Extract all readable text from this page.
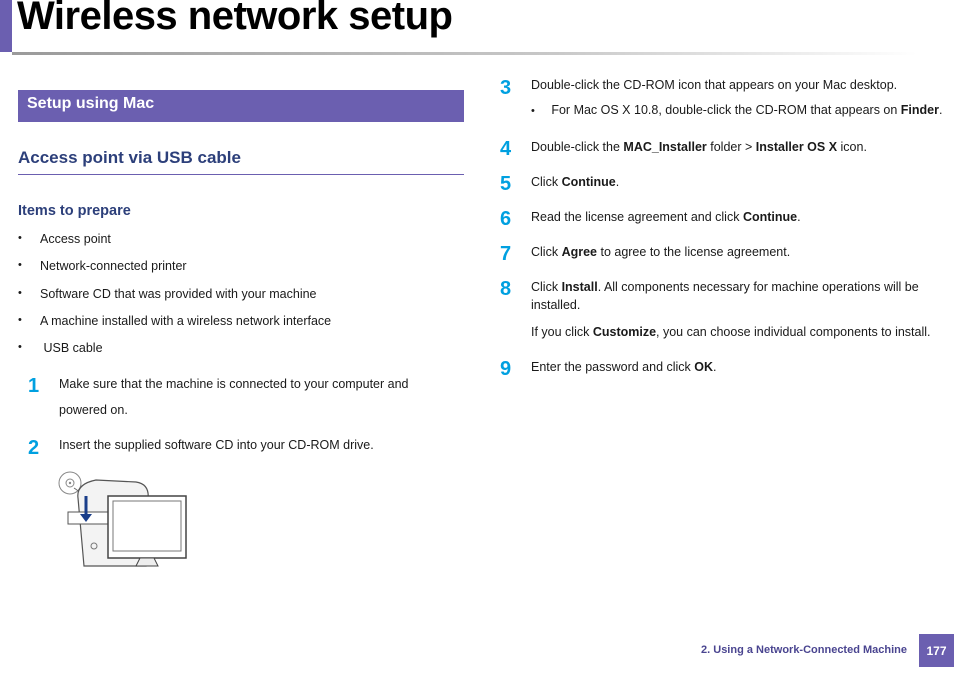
Wireless network setup
Setup using Mac
Access point via USB cable
Items to prepare
• Access point
• Network-connected printer
• Software CD that was provided with your machine
• A machine installed with a wireless network interface
• USB cable
1 Make sure that the machine is connected to your computer and
powered on.
2 Insert the supplied software CD into your CD-ROM drive.
3 Double-click the CD-ROM icon that appears on your Mac desktop.
• For Mac OS X 10.8, double-click the CD-ROM that appears on Finder.
4 Double-click the MAC_Installer folder > Installer OS X icon.
5 Click Continue.
6 Read the license agreement and click Continue.
7 Click Agree to agree to the license agreement.
8 Click Install. All components necessary for machine operations will be
installed.
If you click Customize, you can choose individual components to install.
9 Enter the password and click OK.
2. Using a Network-Connected Machine	177
